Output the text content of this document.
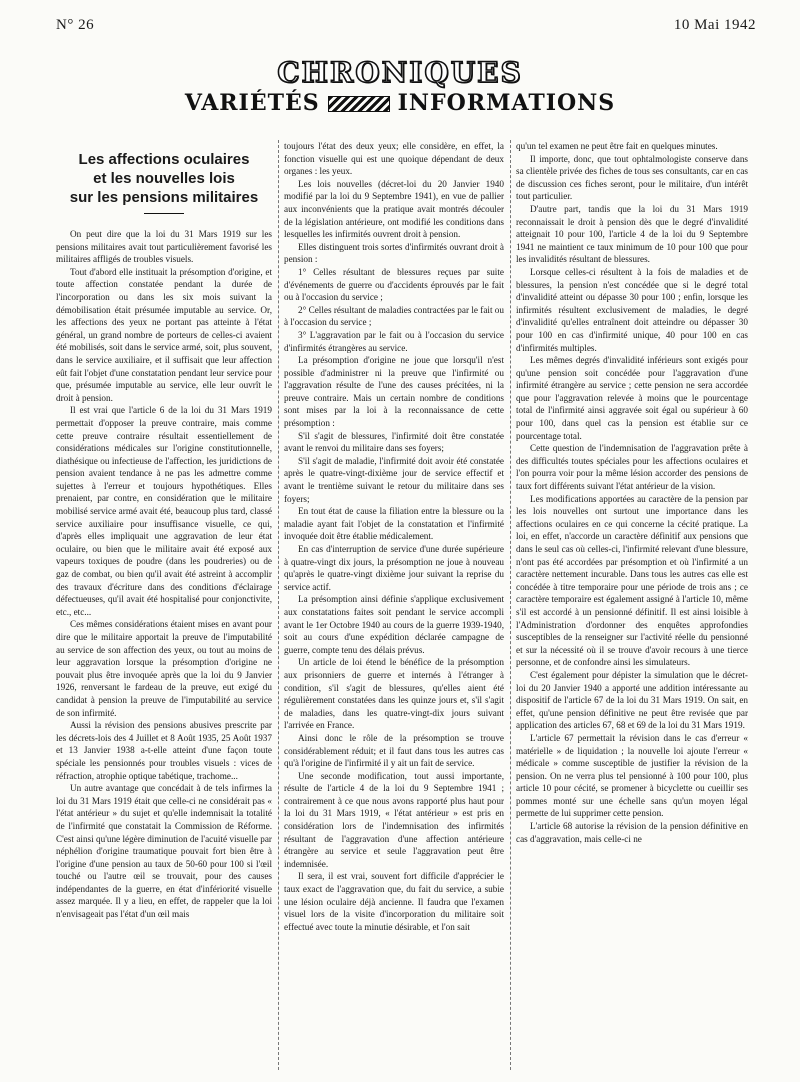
N° 26	10 Mai 1942
CHRONIQUES
VARIÉTÉS	INFORMATIONS
Les affections oculaires
et les nouvelles lois
sur les pensions militaires

On peut dire que la loi du 31 Mars 1919 sur les pensions militaires avait tout particulièrement favorisé les militaires affligés de troubles visuels.

Tout d'abord elle instituait la présomption d'origine, et toute affection constatée pendant la durée de l'incorporation ou dans les six mois suivant la démobilisation était présumée imputable au service. Or, les affections des yeux ne portant pas atteinte à l'état général, un grand nombre de porteurs de celles-ci avaient été mobilisés, soit dans le service armé, soit, plus souvent, dans le service auxiliaire, et il suffisait que leur affection eût fait l'objet d'une constatation pendant leur service pour que, présumée imputable au service, elle leur ouvrît le droit à pension.

Il est vrai que l'article 6 de la loi du 31 Mars 1919 permettait d'opposer la preuve contraire, mais comme cette preuve contraire résultait essentiellement de considérations médicales sur l'origine constitutionnelle, diathésique ou infectieuse de l'affection, les juridictions de pension avaient tendance à ne pas les admettre comme sujettes à l'erreur et toujours hypothétiques. Elles prenaient, par contre, en considération que le militaire mobilisé service armé avait été, beaucoup plus tard, classé service auxiliaire pour insuffisance visuelle, ce qui, d'après elles impliquait une aggravation de leur état oculaire, ou bien que le militaire avait été exposé aux vapeurs toxiques de poudre (dans les poudreries) ou de gaz de combat, ou bien qu'il avait été astreint à accomplir des travaux d'écriture dans des conditions d'éclairage défectueuses, qu'il avait été hospitalisé pour conjonctivite, etc., etc...

Ces mêmes considérations étaient mises en avant pour dire que le militaire apportait la preuve de l'imputabilité au service de son affection des yeux, ou tout au moins de leur aggravation lorsque la présomption d'origine ne pouvait plus être invoquée après que la loi du 9 Janvier 1926, renversant le fardeau de la preuve, eut exigé du candidat à pension la preuve de l'imputabilité au service de son infirmité.

Aussi la révision des pensions abusives prescrite par les décrets-lois des 4 Juillet et 8 Août 1935, 25 Août 1937 et 13 Janvier 1938 a-t-elle atteint d'une façon toute spéciale les pensionnés pour troubles visuels : vices de réfraction, atrophie optique tabétique, trachome...

Un autre avantage que concédait à de tels infirmes la loi du 31 Mars 1919 était que celle-ci ne considérait pas « l'état antérieur » du sujet et qu'elle indemnisait la totalité de l'infirmité que constatait la Commission de Réforme. C'est ainsi qu'une légère diminution de l'acuité visuelle par néphélion d'origine traumatique pouvait fort bien être à l'origine d'une pension au taux de 50-60 pour 100 si l'œil touché ou l'autre œil se trouvait, pour des causes indépendantes de la guerre, en état d'infériorité visuelle assez marquée. Il y a lieu, en effet, de rappeler que la loi n'envisageait pas l'état d'un œil mais

toujours l'état des deux yeux; elle considère, en effet, la fonction visuelle qui est une quoique dépendant de deux organes : les yeux.

Les lois nouvelles (décret-loi du 20 Janvier 1940 modifié par la loi du 9 Septembre 1941), en vue de pallier aux inconvénients que la pratique avait montrés découler de la législation antérieure, ont modifié les conditions dans lesquelles les infirmités ouvrent droit à pension.

Elles distinguent trois sortes d'infirmités ouvrant droit à pension :

1° Celles résultant de blessures reçues par suite d'événements de guerre ou d'accidents éprouvés par le fait ou à l'occasion du service ;

2° Celles résultant de maladies contractées par le fait ou à l'occasion du service ;

3° L'aggravation par le fait ou à l'occasion du service d'infirmités étrangères au service.

La présomption d'origine ne joue que lorsqu'il n'est possible d'administrer ni la preuve que l'infirmité ou l'aggravation résulte de l'une des causes précitées, ni la preuve contraire. Mais un certain nombre de conditions sont mises par la loi à la reconnaissance de cette présomption :

S'il s'agit de blessures, l'infirmité doit être constatée avant le renvoi du militaire dans ses foyers;

S'il s'agit de maladie, l'infirmité doit avoir été constatée après le quatre-vingt-dixième jour de service effectif et avant le trentième suivant le retour du militaire dans ses foyers;

En tout état de cause la filiation entre la blessure ou la maladie ayant fait l'objet de la constatation et l'infirmité invoquée doit être établie médicalement.

En cas d'interruption de service d'une durée supérieure à quatre-vingt dix jours, la présomption ne joue à nouveau qu'après le quatre-vingt dixième jour suivant la reprise du service actif.

La présomption ainsi définie s'applique exclusivement aux constatations faites soit pendant le service accompli avant le 1er Octobre 1940 au cours de la guerre 1939-1940, soit au cours d'une expédition déclarée campagne de guerre, compte tenu des délais prévus.

Un article de loi étend le bénéfice de la présomption aux prisonniers de guerre et internés à l'étranger à condition, s'il s'agit de blessures, qu'elles aient été régulièrement constatées dans les quinze jours et, s'il s'agit de maladies, dans les quatre-vingt-dix jours suivant l'arrivée en France.

Ainsi donc le rôle de la présomption se trouve considérablement réduit; et il faut dans tous les autres cas qu'à l'origine de l'infirmité il y ait un fait de service.

Une seconde modification, tout aussi importante, résulte de l'article 4 de la loi du 9 Septembre 1941 ; contrairement à ce que nous avons rapporté plus haut pour la loi du 31 Mars 1919, « l'état antérieur » est pris en considération lors de l'indemnisation des infirmités résultant de l'aggravation d'une affection antérieure étrangère au service et seule l'aggravation peut être indemnisée.

Il sera, il est vrai, souvent fort difficile d'apprécier le taux exact de l'aggravation que, du fait du service, a subie une lésion oculaire déjà ancienne. Il faudra que l'examen visuel lors de la visite d'incorporation du militaire soit effectué avec toute la minutie désirable, et l'on sait

qu'un tel examen ne peut être fait en quelques minutes.

Il importe, donc, que tout ophtalmologiste conserve dans sa clientèle privée des fiches de tous ses consultants, car en cas de discussion ces fiches seront, pour le militaire, d'un intérêt tout particulier.

D'autre part, tandis que la loi du 31 Mars 1919 reconnaissait le droit à pension dès que le degré d'invalidité atteignait 10 pour 100, l'article 4 de la loi du 9 Septembre 1941 ne maintient ce taux minimum de 10 pour 100 que pour les invalidités résultant de blessures.

Lorsque celles-ci résultent à la fois de maladies et de blessures, la pension n'est concédée que si le degré total d'invalidité atteint ou dépasse 30 pour 100 ; enfin, lorsque les infirmités résultent exclusivement de maladies, le degré d'invalidité qu'elles entraînent doit atteindre ou dépasser 30 pour 100 en cas d'infirmité unique, 40 pour 100 en cas d'infirmités multiples.

Les mêmes degrés d'invalidité inférieurs sont exigés pour qu'une pension soit concédée pour l'aggravation d'une infirmité étrangère au service ; cette pension ne sera accordée que pour l'aggravation relevée à moins que le pourcentage total de l'infirmité ainsi aggravée soit égal ou supérieur à 60 pour 100, dans quel cas la pension est établie sur ce pourcentage total.

Cette question de l'indemnisation de l'aggravation prête à des difficultés toutes spéciales pour les affections oculaires et l'on pourra voir pour la même lésion accorder des pensions de taux fort différents suivant l'état antérieur de la vision.

Les modifications apportées au caractère de la pension par les lois nouvelles ont surtout une importance dans les affections oculaires en ce qui concerne la cécité pratique. La loi, en effet, n'accorde un caractère définitif aux pensions que dans le seul cas où celles-ci, l'infirmité relevant d'une blessure, n'ont pas été accordées par présomption et où l'infirmité a un caractère nettement incurable. Dans tous les autres cas elle est concédée à titre temporaire pour une période de trois ans ; ce caractère temporaire est également assigné à l'article 10, même s'il est accordé à un pensionné définitif. Il est ainsi loisible à l'Administration d'ordonner des enquêtes approfondies susceptibles de la renseigner sur l'activité réelle du pensionné et sur la nécessité où il se trouve d'avoir recours à une tierce personne, et de confondre ainsi les simulateurs.

C'est également pour dépister la simulation que le décret-loi du 20 Janvier 1940 a apporté une addition intéressante au dispositif de l'article 67 de la loi du 31 Mars 1919. On sait, en effet, qu'une pension définitive ne peut être revisée que par application des articles 67, 68 et 69 de la loi du 31 Mars 1919.

L'article 67 permettait la révision dans le cas d'erreur « matérielle » de liquidation ; la nouvelle loi ajoute l'erreur « médicale » comme susceptible de justifier la révision de la pension. On ne verra plus tel pensionné à 100 pour 100, plus article 10 pour cécité, se promener à bicyclette ou cueillir ses pommes monté sur une échelle sans qu'un moyen légal permette de lui supprimer cette pension.

L'article 68 autorise la révision de la pension définitive en cas d'aggravation, mais celle-ci ne
